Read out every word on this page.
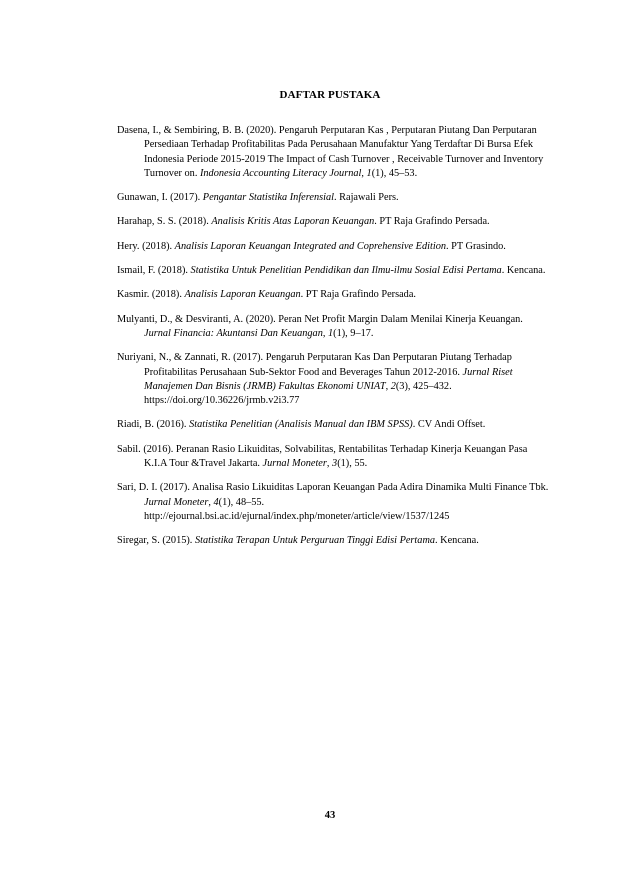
DAFTAR PUSTAKA

Dasena, I., & Sembiring, B. B. (2020). Pengaruh Perputaran Kas , Perputaran Piutang Dan Perputaran Persediaan Terhadap Profitabilitas Pada Perusahaan Manufaktur Yang Terdaftar Di Bursa Efek Indonesia Periode 2015-2019 The Impact of Cash Turnover , Receivable Turnover and Inventory Turnover on. Indonesia Accounting Literacy Journal, 1(1), 45–53.

Gunawan, I. (2017). Pengantar Statistika Inferensial. Rajawali Pers.

Harahap, S. S. (2018). Analisis Kritis Atas Laporan Keuangan. PT Raja Grafindo Persada.

Hery. (2018). Analisis Laporan Keuangan Integrated and Coprehensive Edition. PT Grasindo.

Ismail, F. (2018). Statistika Untuk Penelitian Pendidikan dan Ilmu-ilmu Sosial Edisi Pertama. Kencana.

Kasmir. (2018). Analisis Laporan Keuangan. PT Raja Grafindo Persada.

Mulyanti, D., & Desviranti, A. (2020). Peran Net Profit Margin Dalam Menilai Kinerja Keuangan. Jurnal Financia: Akuntansi Dan Keuangan, 1(1), 9–17.

Nuriyani, N., & Zannati, R. (2017). Pengaruh Perputaran Kas Dan Perputaran Piutang Terhadap Profitabilitas Perusahaan Sub-Sektor Food and Beverages Tahun 2012-2016. Jurnal Riset Manajemen Dan Bisnis (JRMB) Fakultas Ekonomi UNIAT, 2(3), 425–432. https://doi.org/10.36226/jrmb.v2i3.77

Riadi, B. (2016). Statistika Penelitian (Analisis Manual dan IBM SPSS). CV Andi Offset.

Sabil. (2016). Peranan Rasio Likuiditas, Solvabilitas, Rentabilitas Terhadap Kinerja Keuangan Pasa K.I.A Tour &Travel Jakarta. Jurnal Moneter, 3(1), 55.

Sari, D. I. (2017). Analisa Rasio Likuiditas Laporan Keuangan Pada Adira Dinamika Multi Finance Tbk. Jurnal Moneter, 4(1), 48–55. http://ejournal.bsi.ac.id/ejurnal/index.php/moneter/article/view/1537/1245

Siregar, S. (2015). Statistika Terapan Untuk Perguruan Tinggi Edisi Pertama. Kencana.

43
